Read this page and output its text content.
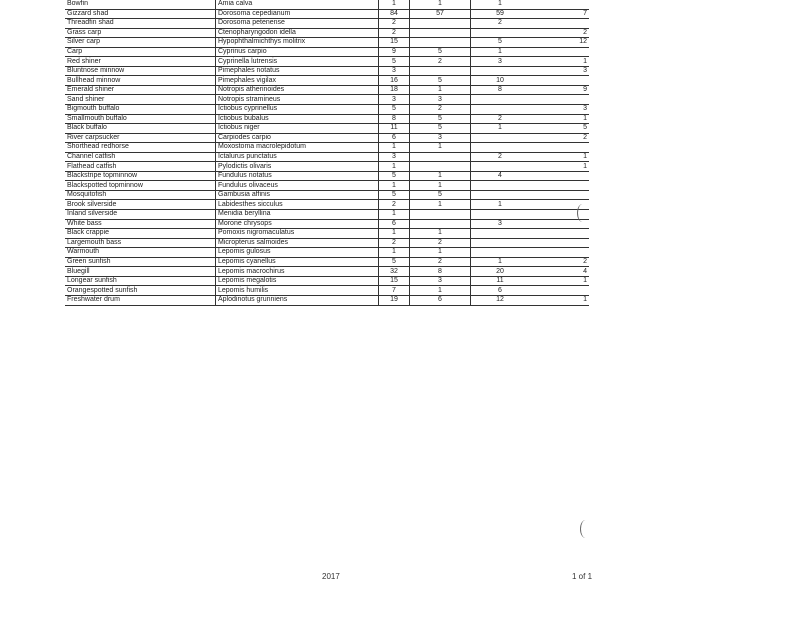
Bowfin	Amia calva	1	1	1	
Gizzard shad	Dorosoma cepedianum	84	57	59	7
Threadfin shad	Dorosoma petenense	2		2	
Grass carp	Ctenopharyngodon idella	2			2
Silver carp	Hypophthalmichthys molitrix	15		5	12
Carp	Cyprinus carpio	9	5	1	
Red shiner	Cyprinella lutrensis	5	2	3	1
Bluntnose minnow	Pimephales notatus	3			3
Bullhead minnow	Pimephales vigilax	16	5	10	
Emerald shiner	Notropis atherinoides	18	1	8	9
Sand shiner	Notropis stramineus	3	3		
Bigmouth buffalo	Ictiobus cyprinellus	5	2		3
Smallmouth buffalo	Ictiobus bubalus	8	5	2	1
Black buffalo	Ictiobus niger	11	5	1	5
River carpsucker	Carpiodes carpio	6	3		2
Shorthead redhorse	Moxostoma macrolepidotum	1	1		
Channel catfish	Ictalurus punctatus	3		2	1
Flathead catfish	Pylodictis olivaris	1			1
Blackstripe topminnow	Fundulus notatus	5	1	4	
Blackspotted topminnow	Fundulus olivaceus	1	1		
Mosquitofish	Gambusia affinis	5	5		
Brook silverside	Labidesthes sicculus	2	1	1	
Inland silverside	Menidia beryllina	1			
White bass	Morone chrysops	6		3	
Black crappie	Pomoxis nigromaculatus	1	1		
Largemouth bass	Micropterus salmoides	2	2		
Warmouth	Lepomis gulosus	1	1		
Green sunfish	Lepomis cyanellus	5	2	1	2
Bluegill	Lepomis macrochirus	32	8	20	4
Longear sunfish	Lepomis megalotis	15	3	11	1
Orangespotted sunfish	Lepomis humilis	7	1	6	
Freshwater drum	Aplodinotus grunniens	19	6	12	1
2017	1 of 1
